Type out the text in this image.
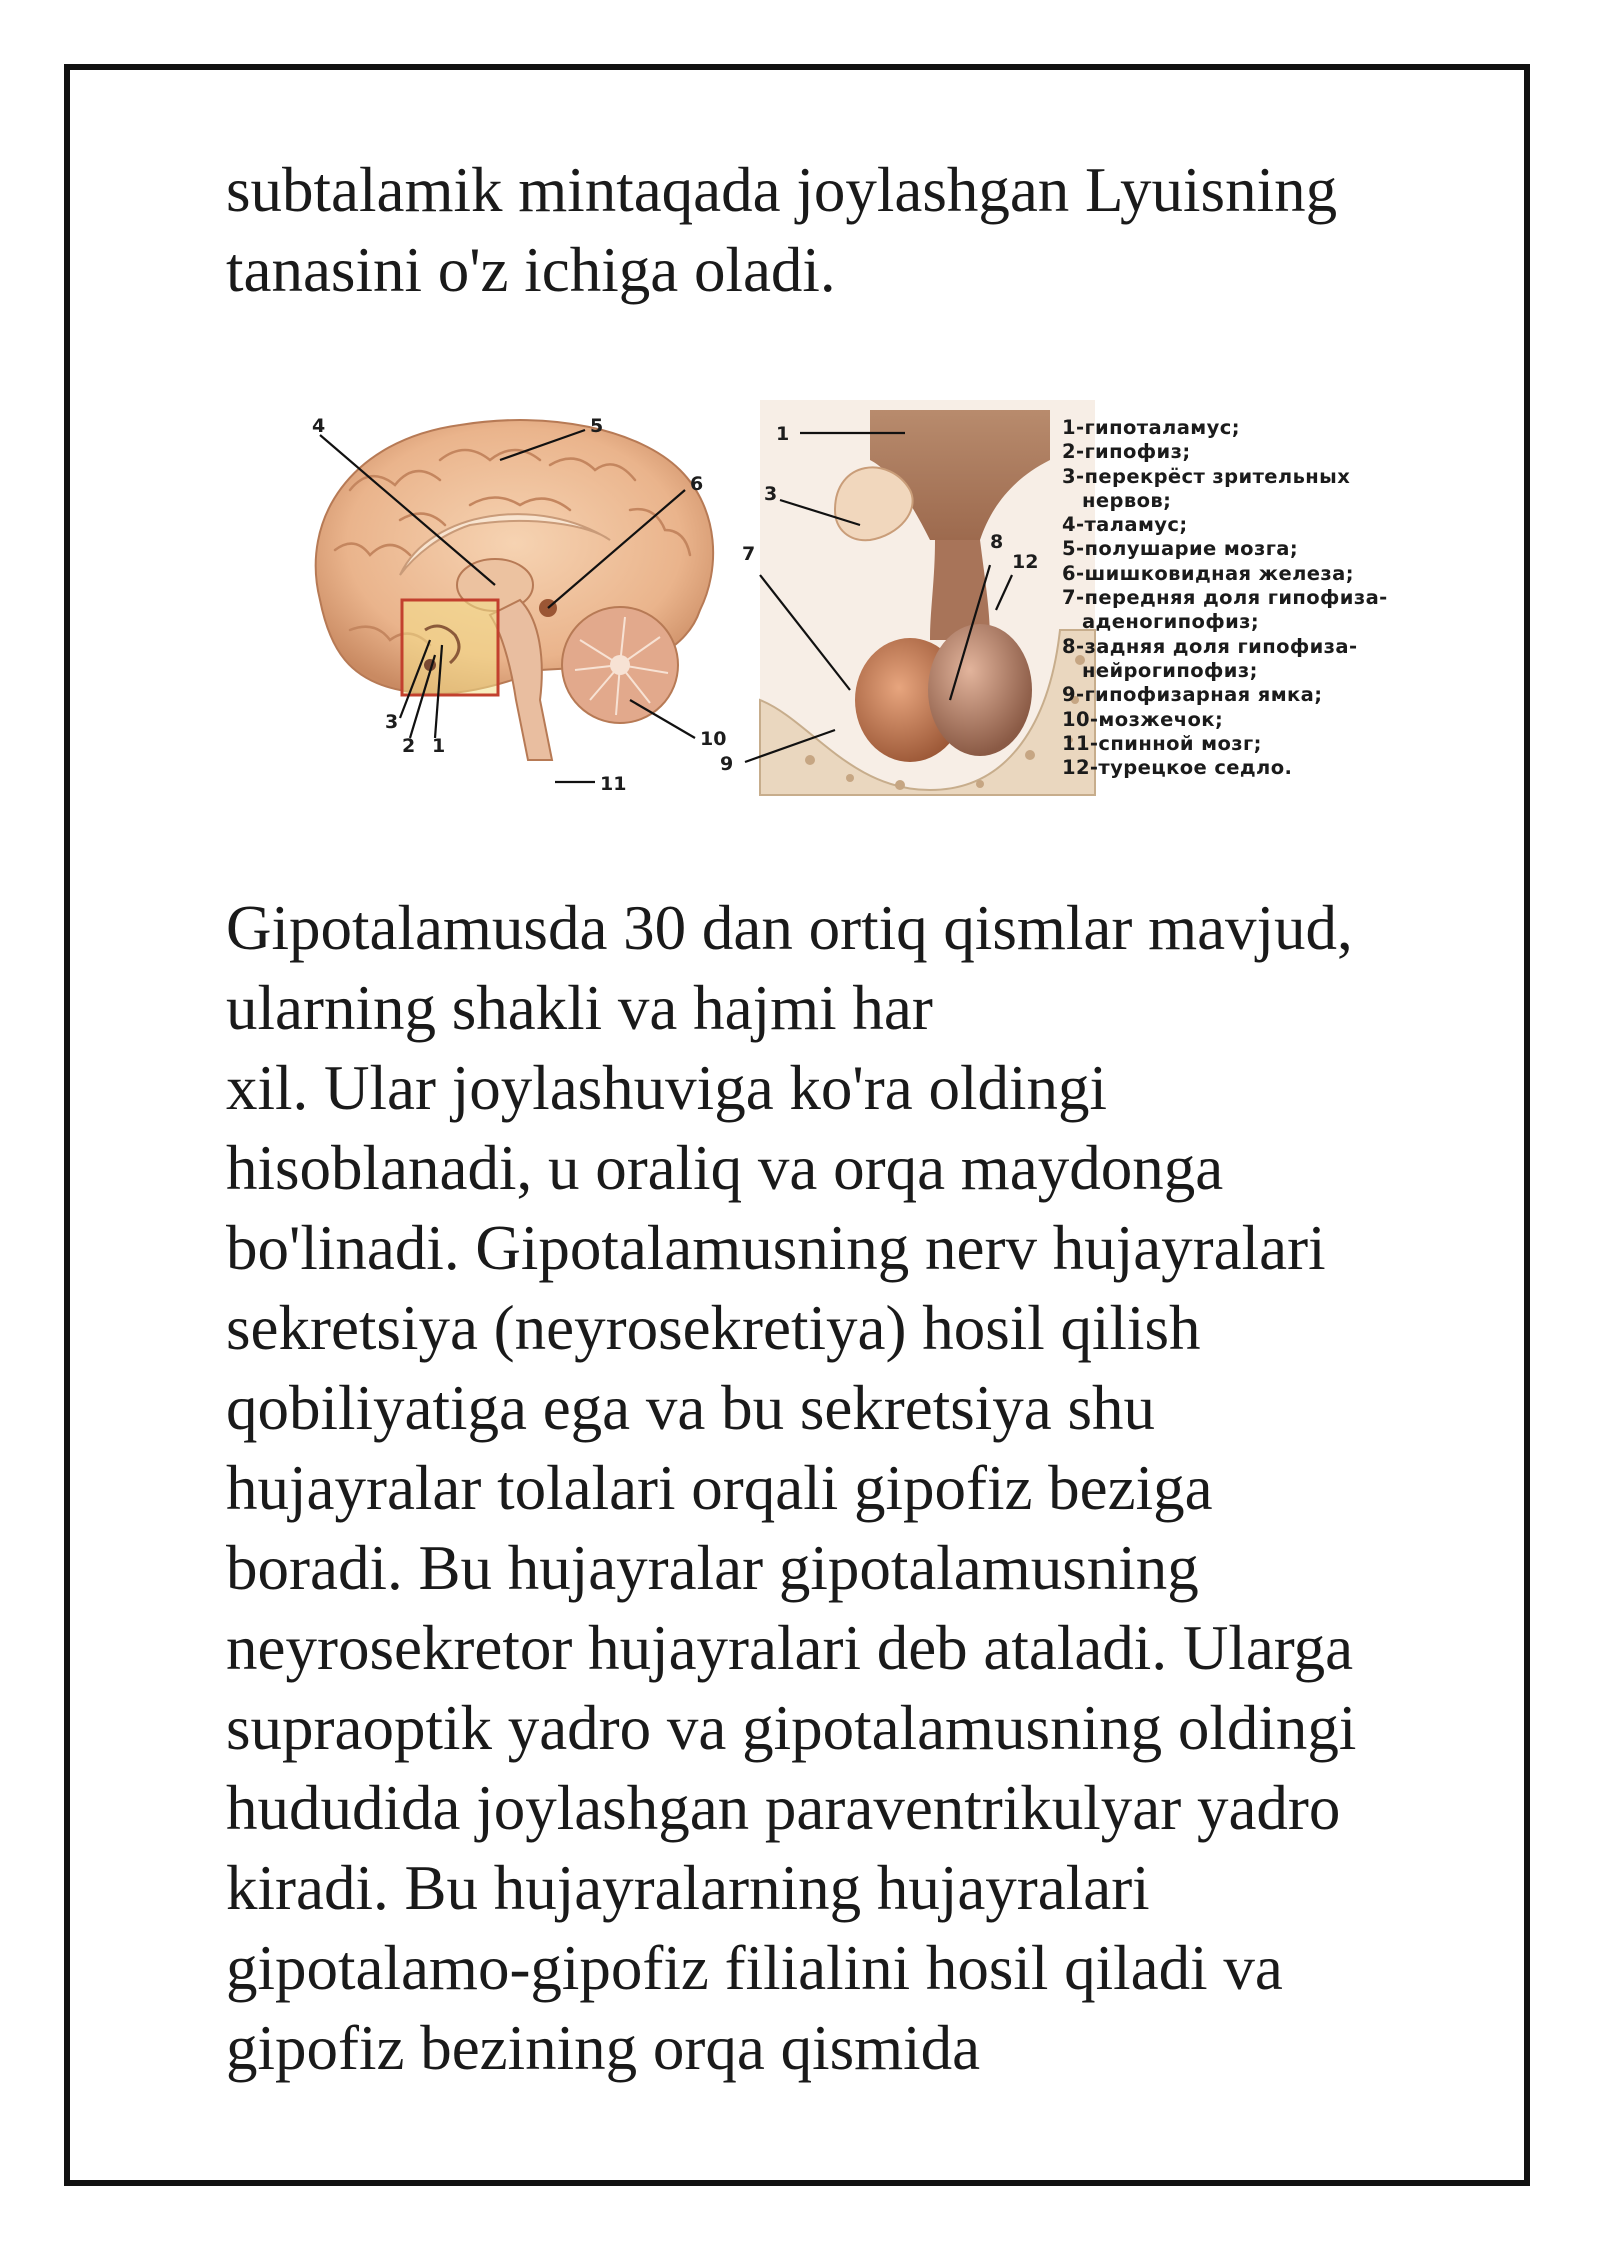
subtalamik mintaqada joylashgan Lyuisning
tanasini o'z ichiga oladi.

4	5
6
3
2 1	10
11
1
3
7
8
12
9
1-гипоталамус;
2-гипофиз;
3-перекрёст зрительных
нервов;
4-таламус;
5-полушарие мозга;
6-шишковидная железа;
7-передняя доля гипофиза-
аденогипофиз;
8-задняя доля гипофиза-
нейрогипофиз;
9-гипофизарная ямка;
10-мозжечок;
11-спинной мозг;
12-турецкое седло.

Gipotalamusda 30 dan ortiq qismlar mavjud,
ularning shakli va hajmi har
xil. Ular joylashuviga ko'ra oldingi
hisoblanadi, u oraliq va orqa maydonga
bo'linadi. Gipotalamusning nerv hujayralari
sekretsiya (neyrosekretiya) hosil qilish
qobiliyatiga ega va bu sekretsiya shu
hujayralar tolalari orqali gipofiz beziga
boradi. Bu hujayralar gipotalamusning
neyrosekretor hujayralari deb ataladi. Ularga
supraoptik yadro va gipotalamusning oldingi
hududida joylashgan paraventrikulyar yadro
kiradi. Bu hujayralarning hujayralari
gipotalamo-gipofiz filialini hosil qiladi va
gipofiz bezining orqa qismida
